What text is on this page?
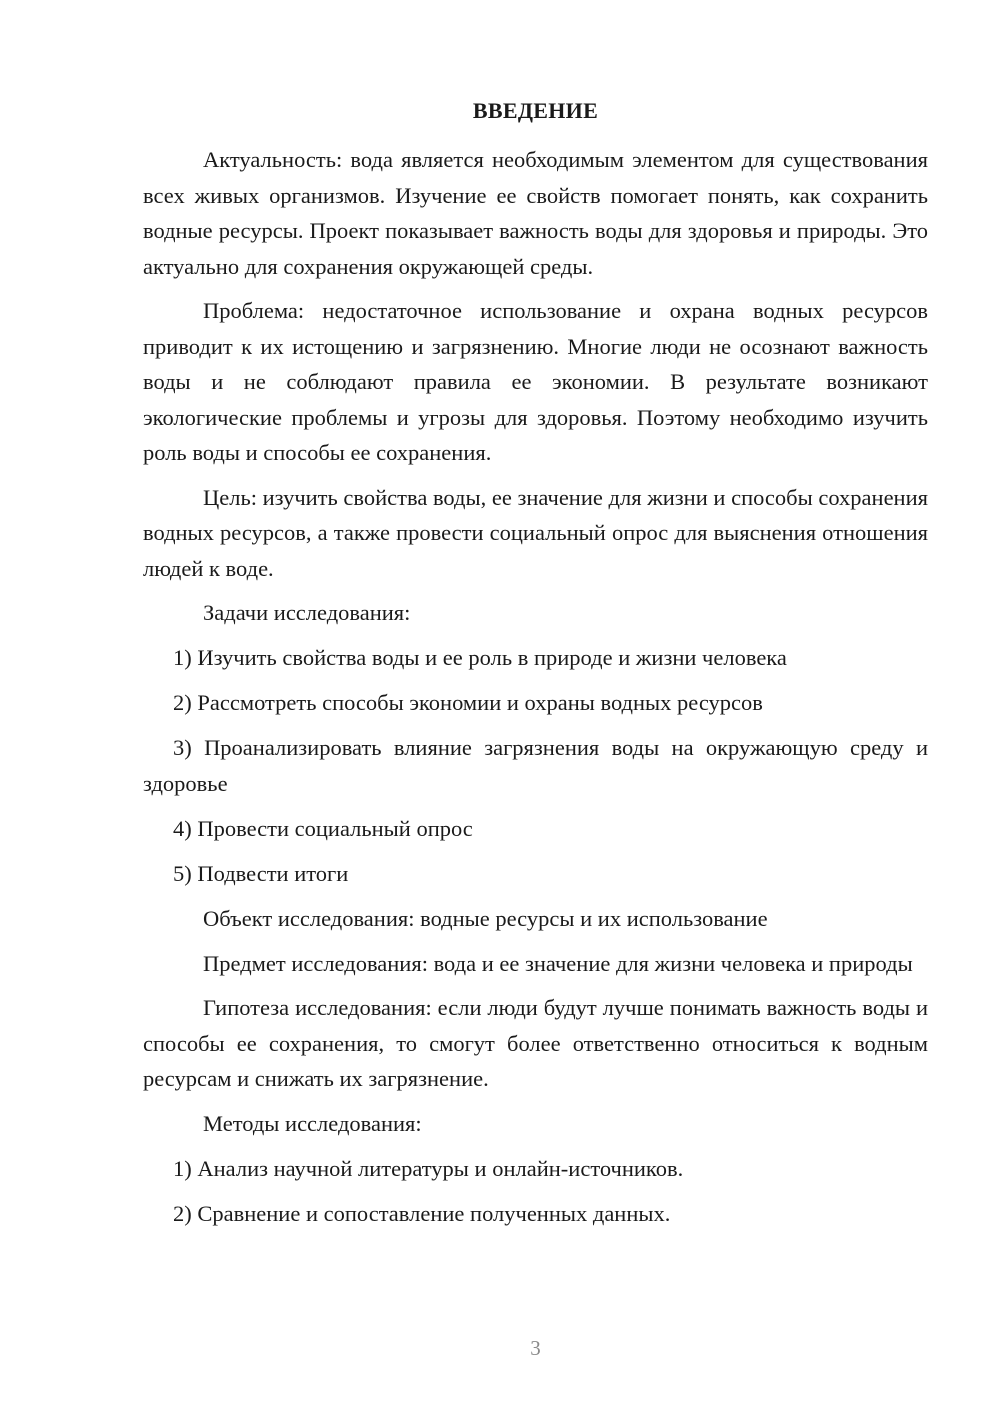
ВВЕДЕНИЕ

Актуальность: вода является необходимым элементом для существования всех живых организмов. Изучение ее свойств помогает понять, как сохранить водные ресурсы. Проект показывает важность воды для здоровья и природы. Это актуально для сохранения окружающей среды.

Проблема: недостаточное использование и охрана водных ресурсов приводит к их истощению и загрязнению. Многие люди не осознают важность воды и не соблюдают правила ее экономии. В результате возникают экологические проблемы и угрозы для здоровья. Поэтому необходимо изучить роль воды и способы ее сохранения.

Цель: изучить свойства воды, ее значение для жизни и способы сохранения водных ресурсов, а также провести социальный опрос для выяснения отношения людей к воде.

Задачи исследования:

1) Изучить свойства воды и ее роль в природе и жизни человека

2) Рассмотреть способы экономии и охраны водных ресурсов

3) Проанализировать влияние загрязнения воды на окружающую среду и здоровье

4) Провести социальный опрос

5) Подвести итоги

Объект исследования: водные ресурсы и их использование

Предмет исследования: вода и ее значение для жизни человека и природы

Гипотеза исследования: если люди будут лучше понимать важность воды и способы ее сохранения, то смогут более ответственно относиться к водным ресурсам и снижать их загрязнение.

Методы исследования:

1) Анализ научной литературы и онлайн-источников.

2) Сравнение и сопоставление полученных данных.

3
